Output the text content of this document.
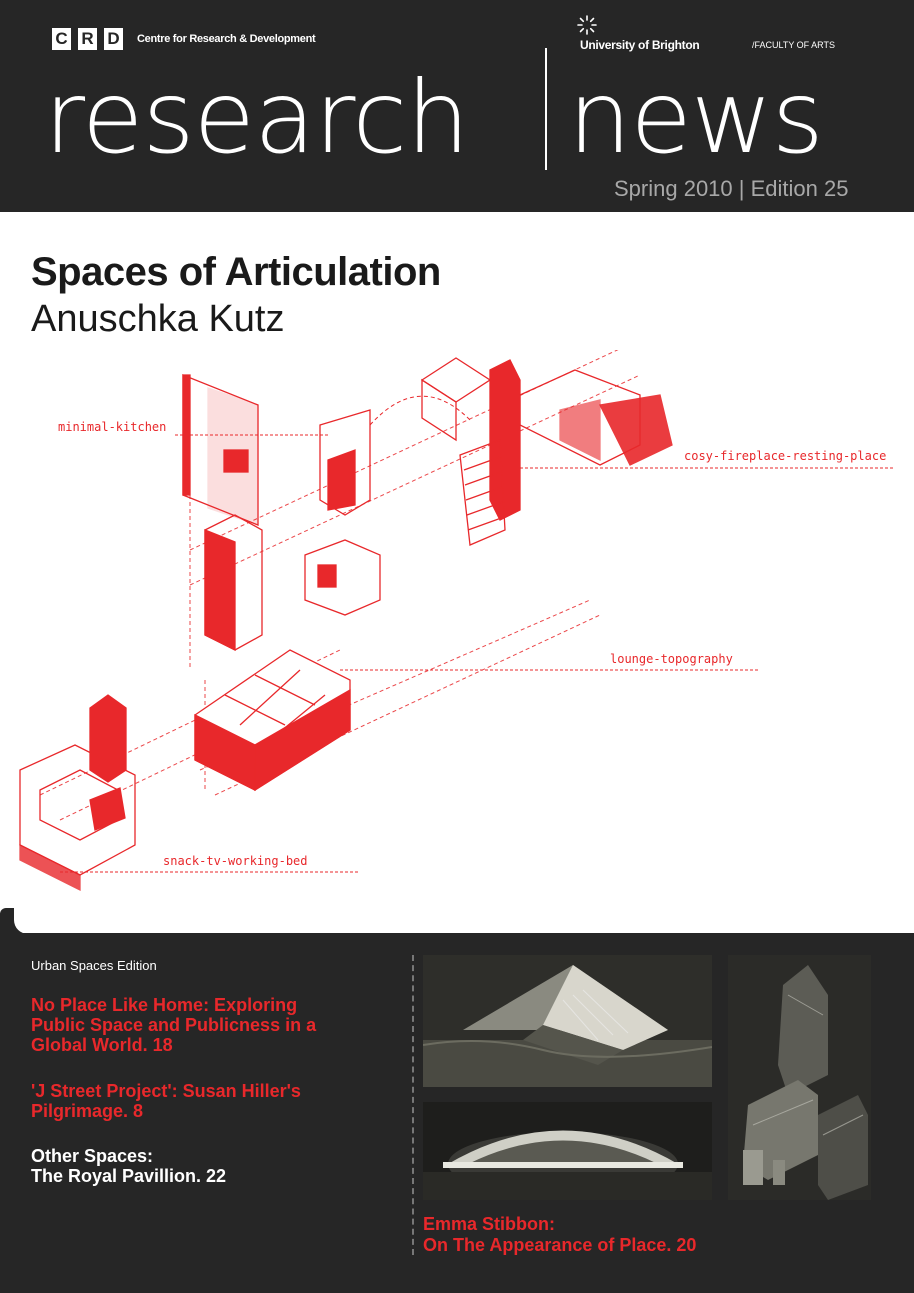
C R D	Centre for Research & Development	University of Brighton	/FACULTY OF ARTS
research news
Spring 2010 | Edition 25
Spaces of Articulation
Anuschka Kutz
minimal-kitchen
cosy-fireplace-resting-place
lounge-topography
snack-tv-working-bed
Urban Spaces Edition
No Place Like Home: Exploring
Public Space and Publicness in a
Global World. 18
'J Street Project': Susan Hiller's
Pilgrimage. 8
Other Spaces:
The Royal Pavillion. 22
Emma Stibbon:
On The Appearance of Place. 20
